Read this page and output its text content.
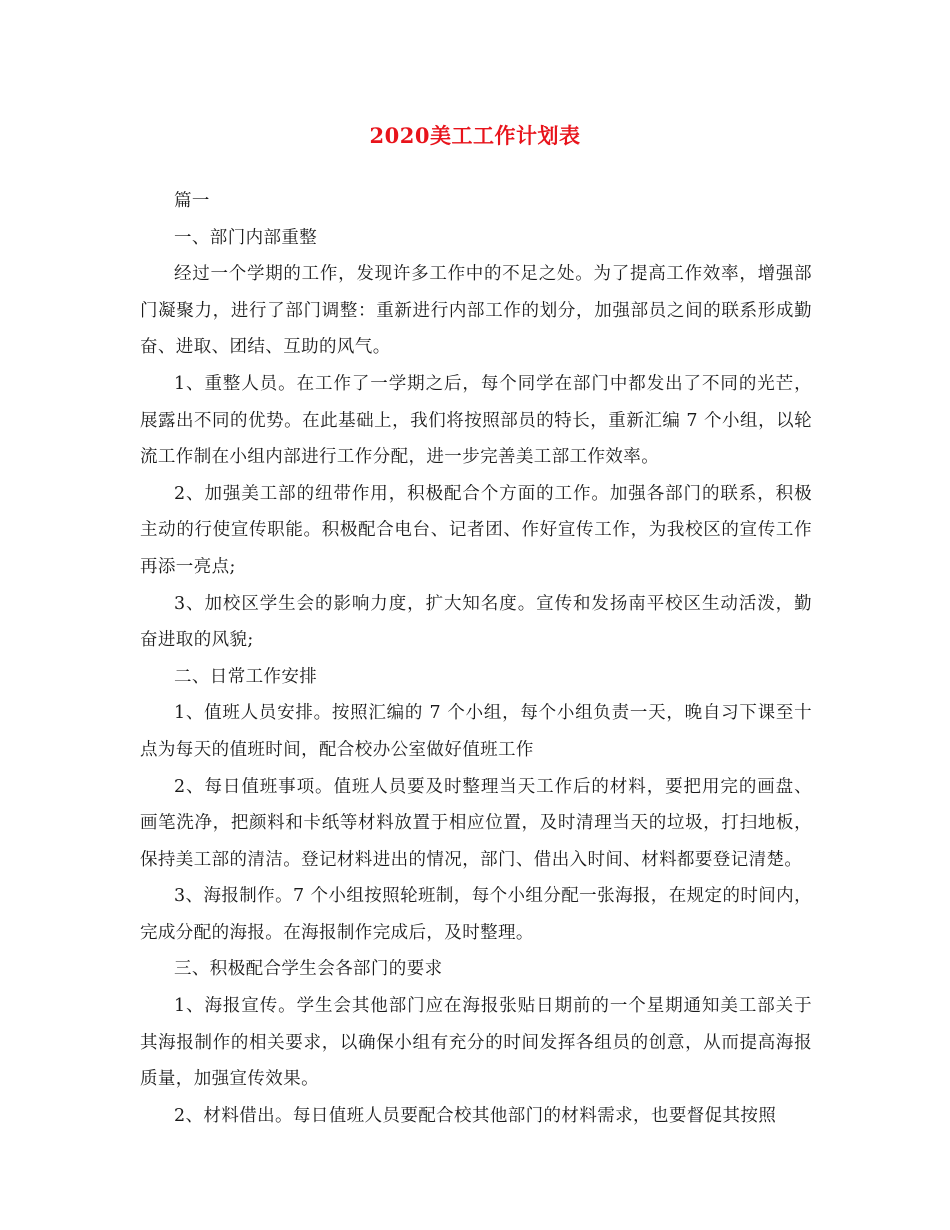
2020美工工作计划表

篇一

一、部门内部重整

经过一个学期的工作，发现许多工作中的不足之处。为了提高工作效率，增强部门凝聚力，进行了部门调整：重新进行内部工作的划分，加强部员之间的联系形成勤奋、进取、团结、互助的风气。

1、重整人员。在工作了一学期之后，每个同学在部门中都发出了不同的光芒，展露出不同的优势。在此基础上，我们将按照部员的特长，重新汇编 7 个小组，以轮流工作制在小组内部进行工作分配，进一步完善美工部工作效率。

2、加强美工部的纽带作用，积极配合个方面的工作。加强各部门的联系，积极主动的行使宣传职能。积极配合电台、记者团、作好宣传工作，为我校区的宣传工作再添一亮点;

3、加校区学生会的影响力度，扩大知名度。宣传和发扬南平校区生动活泼，勤奋进取的风貌;

二、日常工作安排

1、值班人员安排。按照汇编的 7 个小组，每个小组负责一天，晚自习下课至十点为每天的值班时间，配合校办公室做好值班工作

2、每日值班事项。值班人员要及时整理当天工作后的材料，要把用完的画盘、画笔洗净，把颜料和卡纸等材料放置于相应位置，及时清理当天的垃圾，打扫地板，保持美工部的清洁。登记材料进出的情况，部门、借出入时间、材料都要登记清楚。

3、海报制作。7 个小组按照轮班制，每个小组分配一张海报，在规定的时间内，完成分配的海报。在海报制作完成后，及时整理。

三、积极配合学生会各部门的要求

1、海报宣传。学生会其他部门应在海报张贴日期前的一个星期通知美工部关于其海报制作的相关要求，以确保小组有充分的时间发挥各组员的创意，从而提高海报质量，加强宣传效果。

2、材料借出。每日值班人员要配合校其他部门的材料需求，也要督促其按照
